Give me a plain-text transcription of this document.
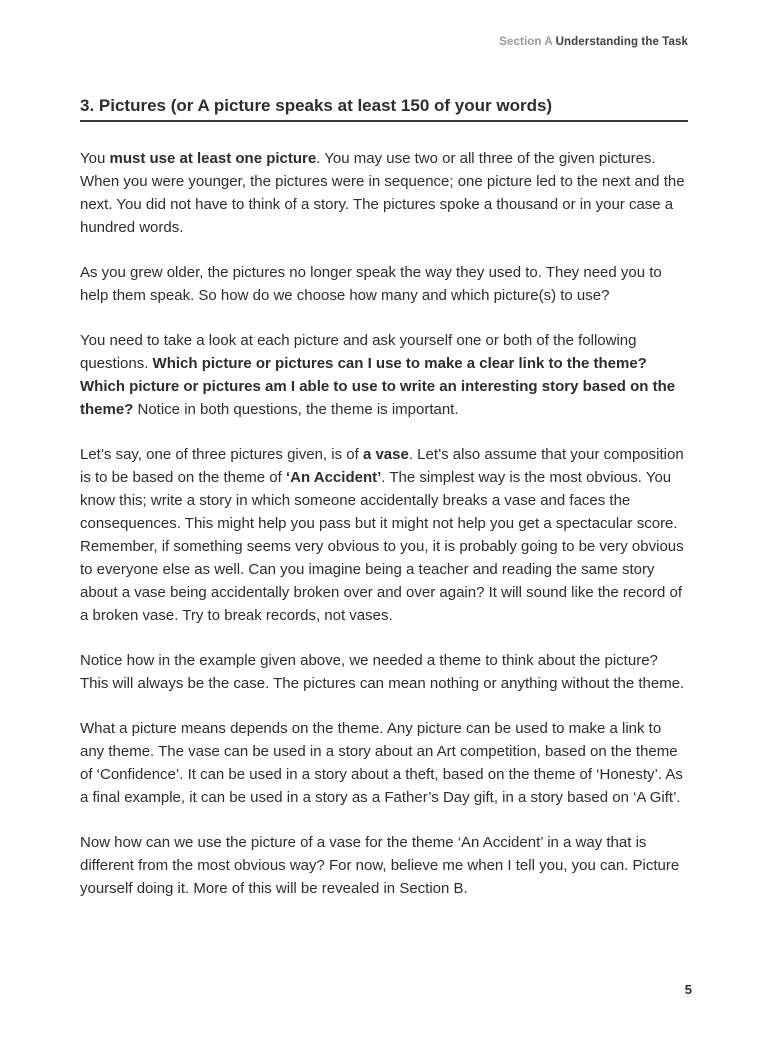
Section A Understanding the Task
3. Pictures (or A picture speaks at least 150 of your words)

You must use at least one picture. You may use two or all three of the given pictures. When you were younger, the pictures were in sequence; one picture led to the next and the next. You did not have to think of a story. The pictures spoke a thousand or in your case a hundred words.

As you grew older, the pictures no longer speak the way they used to. They need you to help them speak. So how do we choose how many and which picture(s) to use?

You need to take a look at each picture and ask yourself one or both of the following questions. Which picture or pictures can I use to make a clear link to the theme? Which picture or pictures am I able to use to write an interesting story based on the theme? Notice in both questions, the theme is important.

Let’s say, one of three pictures given, is of a vase. Let’s also assume that your composition is to be based on the theme of ‘An Accident’. The simplest way is the most obvious. You know this; write a story in which someone accidentally breaks a vase and faces the consequences. This might help you pass but it might not help you get a spectacular score. Remember, if something seems very obvious to you, it is probably going to be very obvious to everyone else as well. Can you imagine being a teacher and reading the same story about a vase being accidentally broken over and over again? It will sound like the record of a broken vase. Try to break records, not vases.

Notice how in the example given above, we needed a theme to think about the picture? This will always be the case. The pictures can mean nothing or anything without the theme.

What a picture means depends on the theme. Any picture can be used to make a link to any theme. The vase can be used in a story about an Art competition, based on the theme of ‘Confidence’. It can be used in a story about a theft, based on the theme of ‘Honesty’. As a final example, it can be used in a story as a Father’s Day gift, in a story based on ‘A Gift’.

Now how can we use the picture of a vase for the theme ‘An Accident’ in a way that is different from the most obvious way? For now, believe me when I tell you, you can. Picture yourself doing it. More of this will be revealed in Section B.

5
